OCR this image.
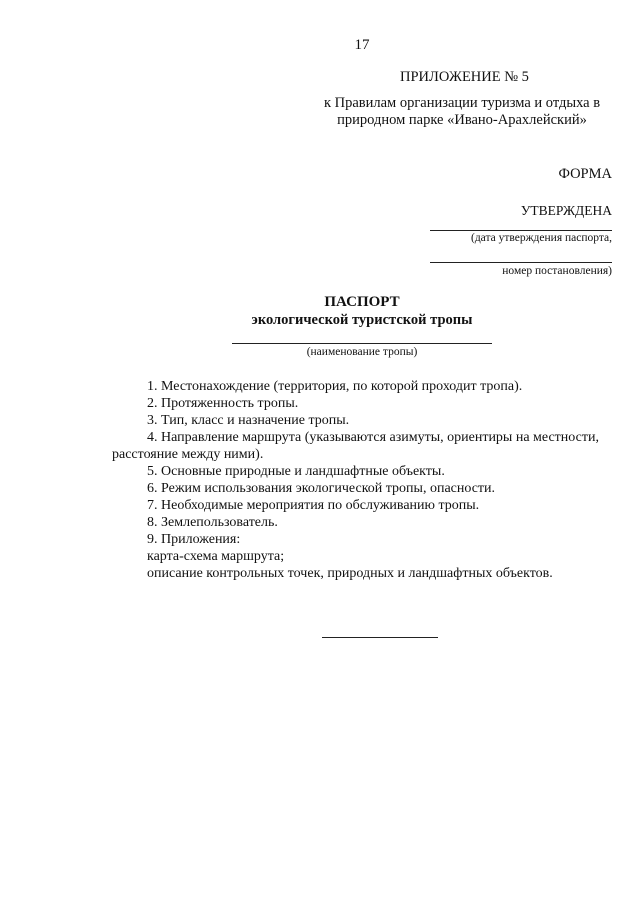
17
ПРИЛОЖЕНИЕ № 5
к Правилам организации туризма и отдыха в природном парке «Ивано-Арахлейский»
ФОРМА
УТВЕРЖДЕНА
(дата утверждения паспорта,
номер постановления)
ПАСПОРТ
экологической туристской тропы
(наименование тропы)

1. Местонахождение (территория, по которой проходит тропа).

2. Протяженность тропы.

3. Тип, класс и назначение тропы.

4. Направление маршрута (указываются азимуты, ориентиры на местности, расстояние между ними).

5. Основные природные и ландшафтные объекты.

6. Режим использования экологической тропы, опасности.

7. Необходимые мероприятия по обслуживанию тропы.

8. Землепользователь.

9. Приложения:

карта-схема маршрута;

описание контрольных точек, природных и ландшафтных объектов.
